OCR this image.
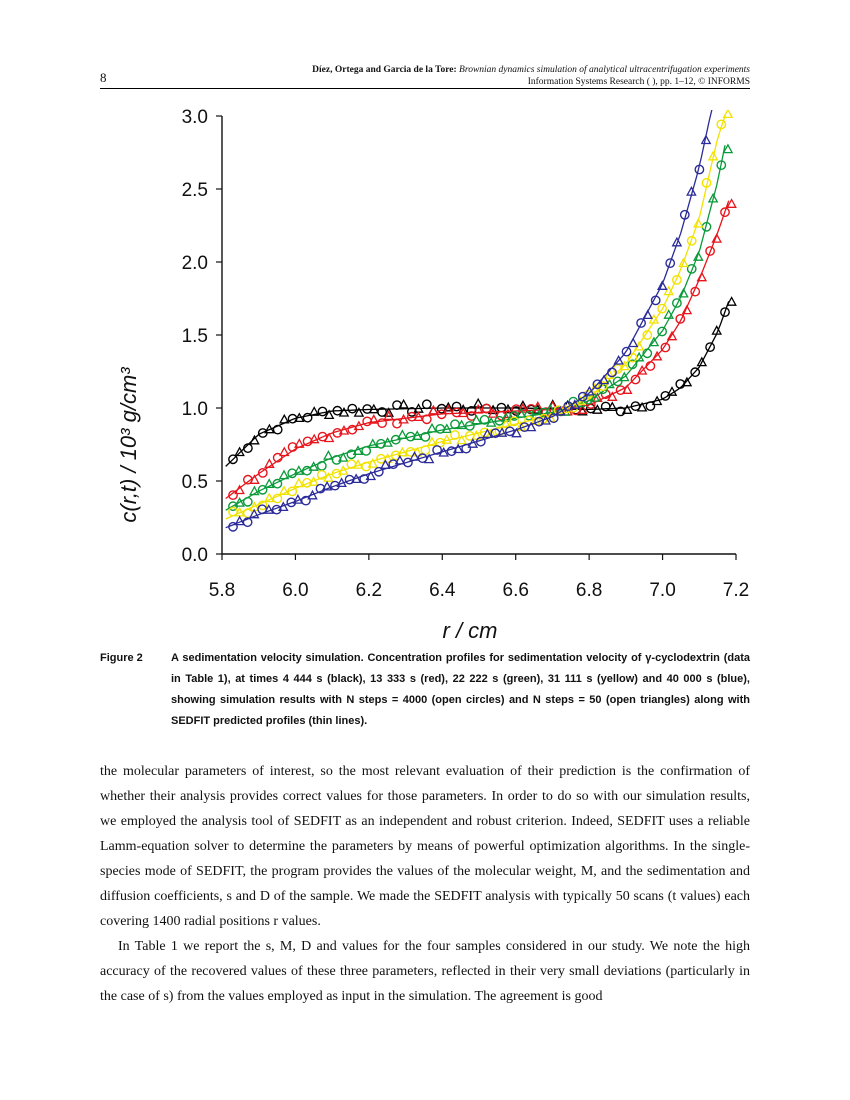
8	Díez, Ortega and Garcia de la Tore: Brownian dynamics simulation of analytical ultracentrifugation experiments
Information Systems Research ( ), pp. 1–12, © INFORMS
0.0
0.5
1.0
1.5
2.0
2.5
3.0
5.8 6.0 6.2 6.4 6.6 6.8 7.0 7.2
r / cm
c(r,t) / 10³ g/cm³
Figure 2	A sedimentation velocity simulation. Concentration profiles for sedimentation velocity of γ-cyclodextrin (data in Table 1), at times 4 444 s (black), 13 333 s (red), 22 222 s (green), 31 111 s (yellow) and 40 000 s (blue), showing simulation results with N steps = 4000 (open circles) and N steps = 50 (open triangles) along with SEDFIT predicted profiles (thin lines).

the molecular parameters of interest, so the most relevant evaluation of their prediction is the confirmation of whether their analysis provides correct values for those parameters. In order to do so with our simulation results, we employed the analysis tool of SEDFIT as an independent and robust criterion. Indeed, SEDFIT uses a reliable Lamm-equation solver to determine the parameters by means of powerful optimization algorithms. In the single-species mode of SEDFIT, the program provides the values of the molecular weight, M, and the sedimentation and diffusion coefficients, s and D of the sample. We made the SEDFIT analysis with typically 50 scans (t values) each covering 1400 radial positions r values.

In Table 1 we report the s, M, D and values for the four samples considered in our study. We note the high accuracy of the recovered values of these three parameters, reflected in their very small deviations (particularly in the case of s) from the values employed as input in the simulation. The agreement is good
